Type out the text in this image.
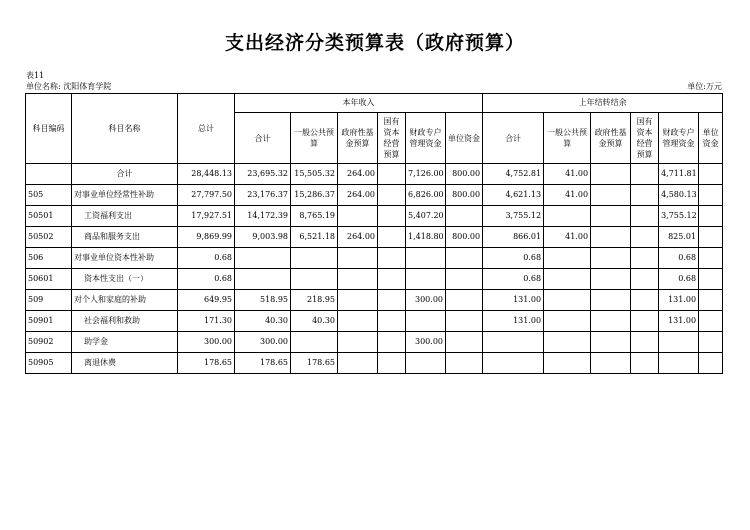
支出经济分类预算表（政府预算）
表11
单位名称: 沈阳体育学院	单位:万元
科目编码	科目名称	总计	本年收入						上年结转结余					
			合计	一般公共预算	政府性基金预算	国有资本经营预算	财政专户管理资金	单位资金	合计	一般公共预算	政府性基金预算	国有资本经营预算	财政专户管理资金	单位资金
	合计	28,448.13	23,695.32	15,505.32	264.00		7,126.00	800.00	4,752.81	41.00			4,711.81	
505	对事业单位经常性补助	27,797.50	23,176.37	15,286.37	264.00		6,826.00	800.00	4,621.13	41.00			4,580.13	
50501	工资福利支出	17,927.51	14,172.39	8,765.19			5,407.20		3,755.12				3,755.12	
50502	商品和服务支出	9,869.99	9,003.98	6,521.18	264.00		1,418.80	800.00	866.01	41.00			825.01	
506	对事业单位资本性补助	0.68							0.68				0.68	
50601	资本性支出（一）	0.68							0.68				0.68	
509	对个人和家庭的补助	649.95	518.95	218.95			300.00		131.00				131.00	
50901	社会福利和救助	171.30	40.30	40.30					131.00				131.00	
50902	助学金	300.00	300.00				300.00							
50905	离退休费	178.65	178.65	178.65										
